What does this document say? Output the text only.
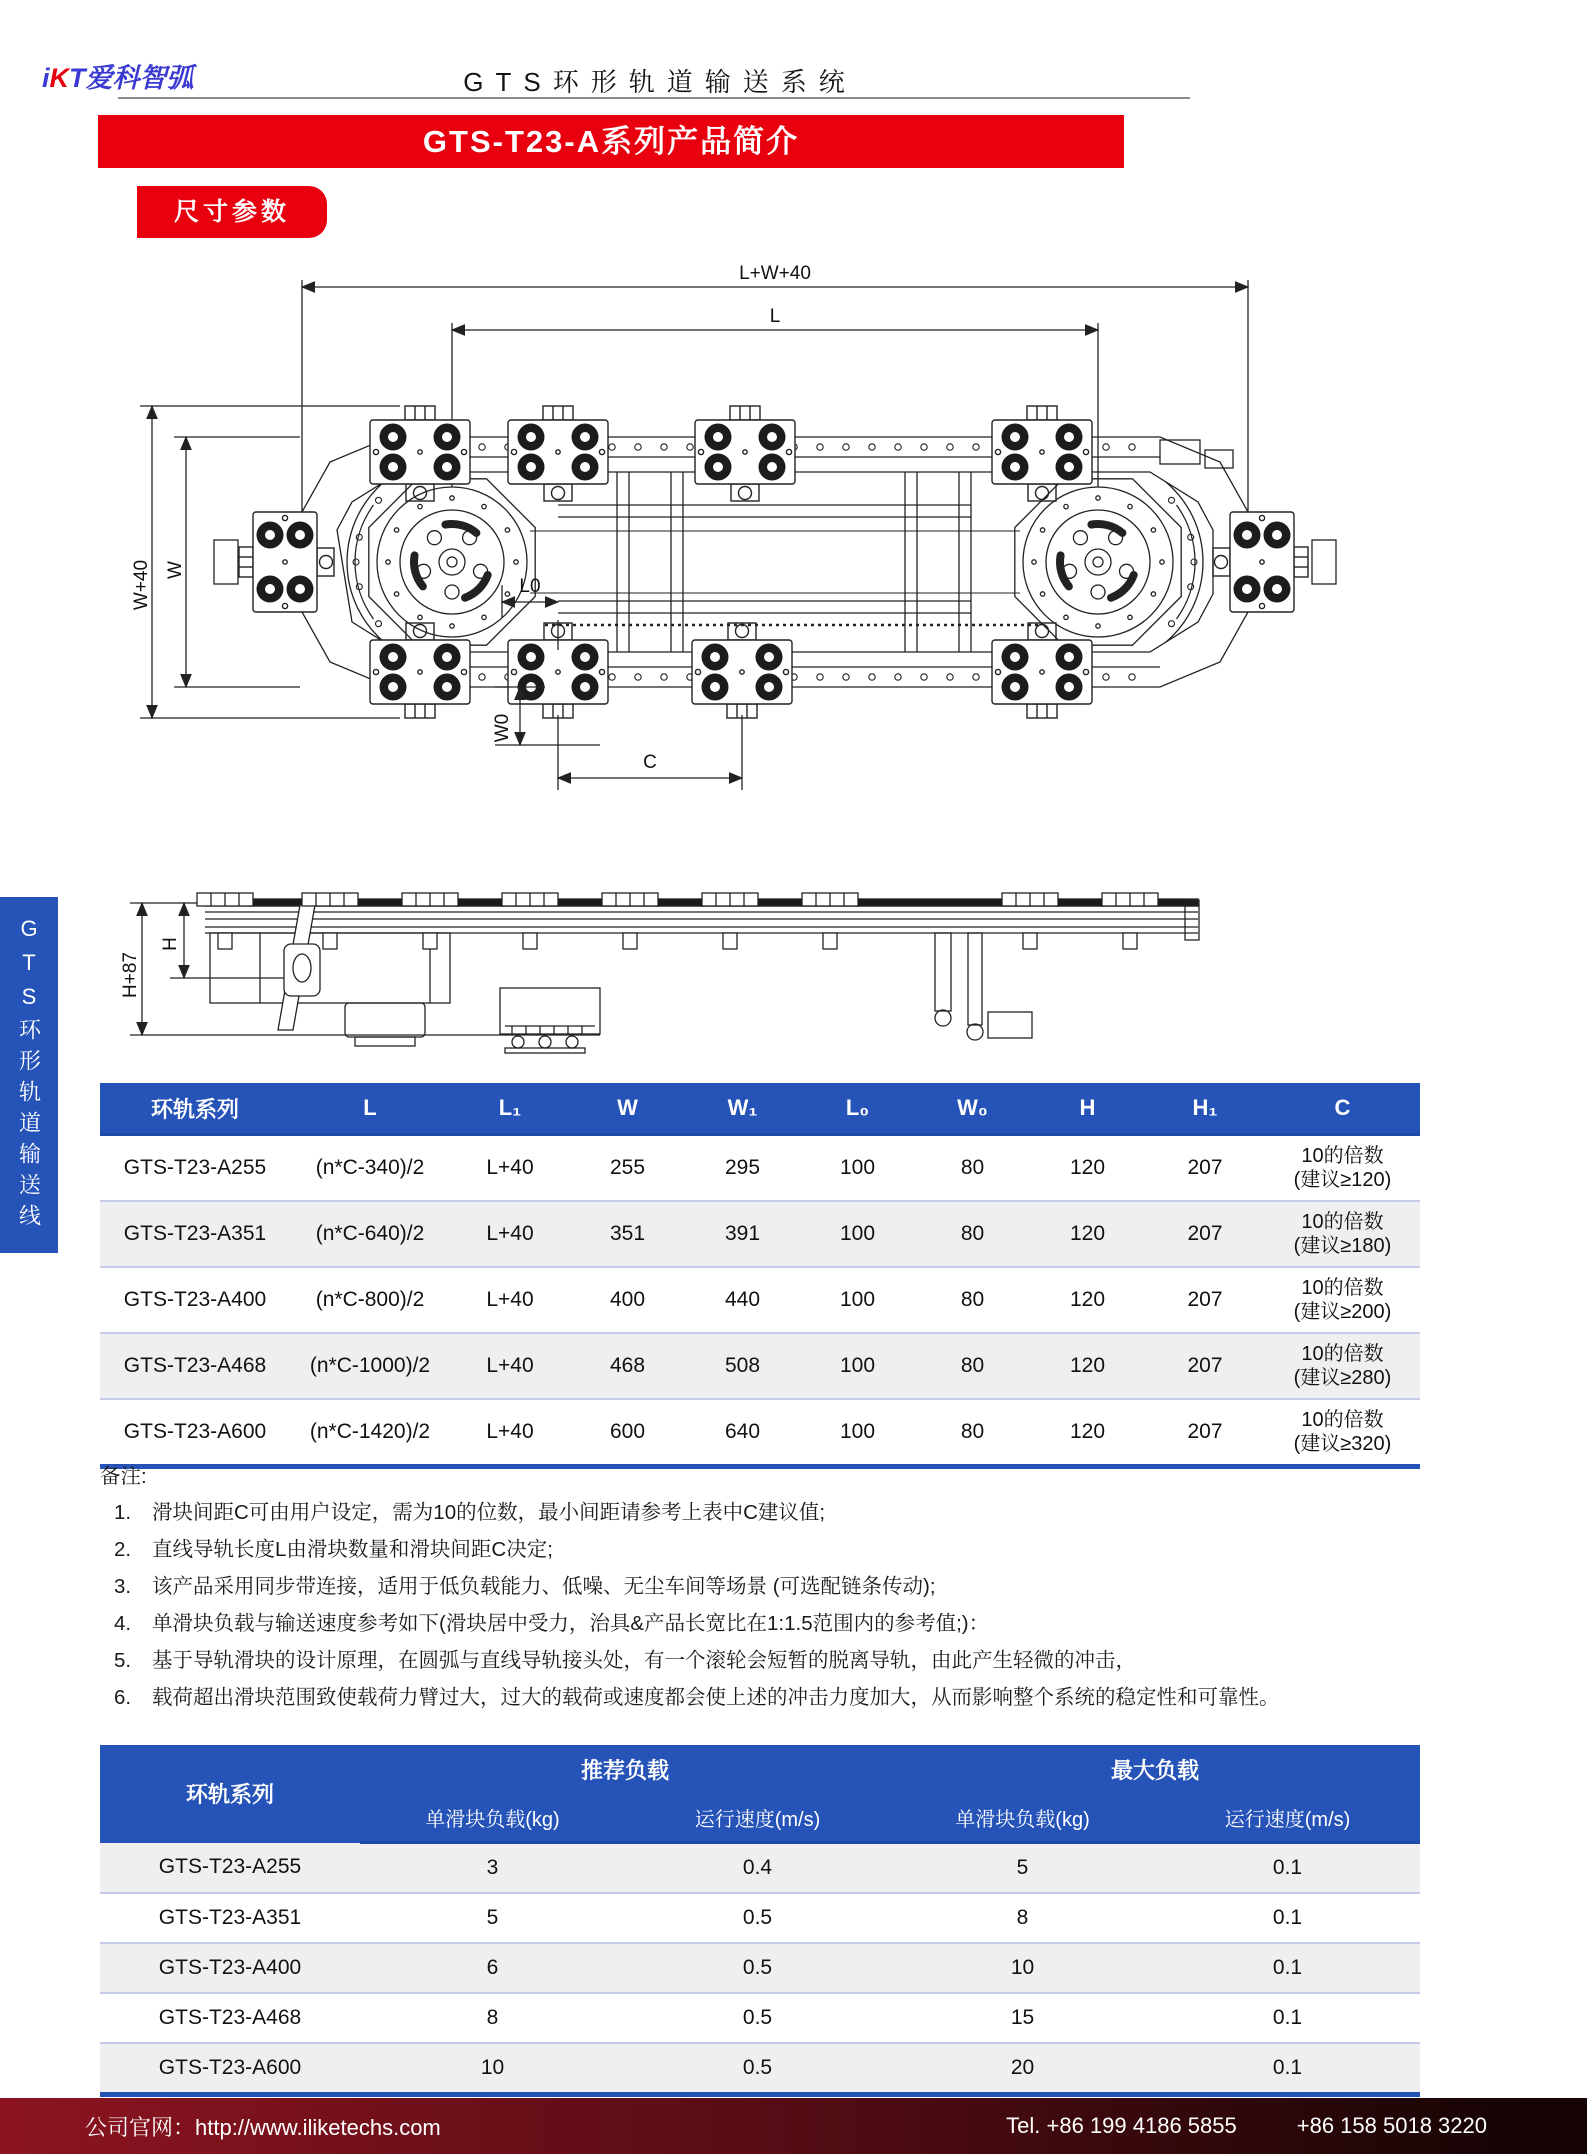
iKT爱科智弧	GTS环形轨道输送系统
GTS-T23-A系列产品简介
尺寸参数
GTS环形轨道输送线
L+W+40
L
W+40 W
L0
W0
C
H+87
H
环轨系列	L	L₁	W	W₁	L₀	W₀	H	H₁	C
GTS-T23-A255	(n*C-340)/2	L+40	255	295	100	80	120	207	10的倍数
(建议≥120)

GTS-T23-A351	(n*C-640)/2	L+40	351	391	100	80	120	207	10的倍数
(建议≥180)

GTS-T23-A400	(n*C-800)/2	L+40	400	440	100	80	120	207	10的倍数
(建议≥200)

GTS-T23-A468	(n*C-1000)/2	L+40	468	508	100	80	120	207	10的倍数
(建议≥280)

GTS-T23-A600	(n*C-1420)/2	L+40	600	640	100	80	120	207	10的倍数
(建议≥320)
备注:
1.	滑块间距C可由用户设定，需为10的位数，最小间距请参考上表中C建议值;
2.	直线导轨长度L由滑块数量和滑块间距C决定;
3.	该产品采用同步带连接，适用于低负载能力、低噪、无尘车间等场景 (可选配链条传动);
4.	单滑块负载与输送速度参考如下(滑块居中受力，治具&产品长宽比在1:1.5范围内的参考值;)：
5.	基于导轨滑块的设计原理，在圆弧与直线导轨接头处，有一个滚轮会短暂的脱离导轨，由此产生轻微的冲击，
6.	载荷超出滑块范围致使载荷力臂过大，过大的载荷或速度都会使上述的冲击力度加大，从而影响整个系统的稳定性和可靠性。
环轨系列	推荐负载		最大负载	
	单滑块负载(kg)	运行速度(m/s)	单滑块负载(kg)	运行速度(m/s)
GTS-T23-A255	3	0.4	5	0.1
GTS-T23-A351	5	0.5	8	0.1
GTS-T23-A400	6	0.5	10	0.1
GTS-T23-A468	8	0.5	15	0.1
GTS-T23-A600	10	0.5	20	0.1
公司官网：http://www.iliketechs.com	Tel. +86 199 4186 5855	+86 158 5018 3220
